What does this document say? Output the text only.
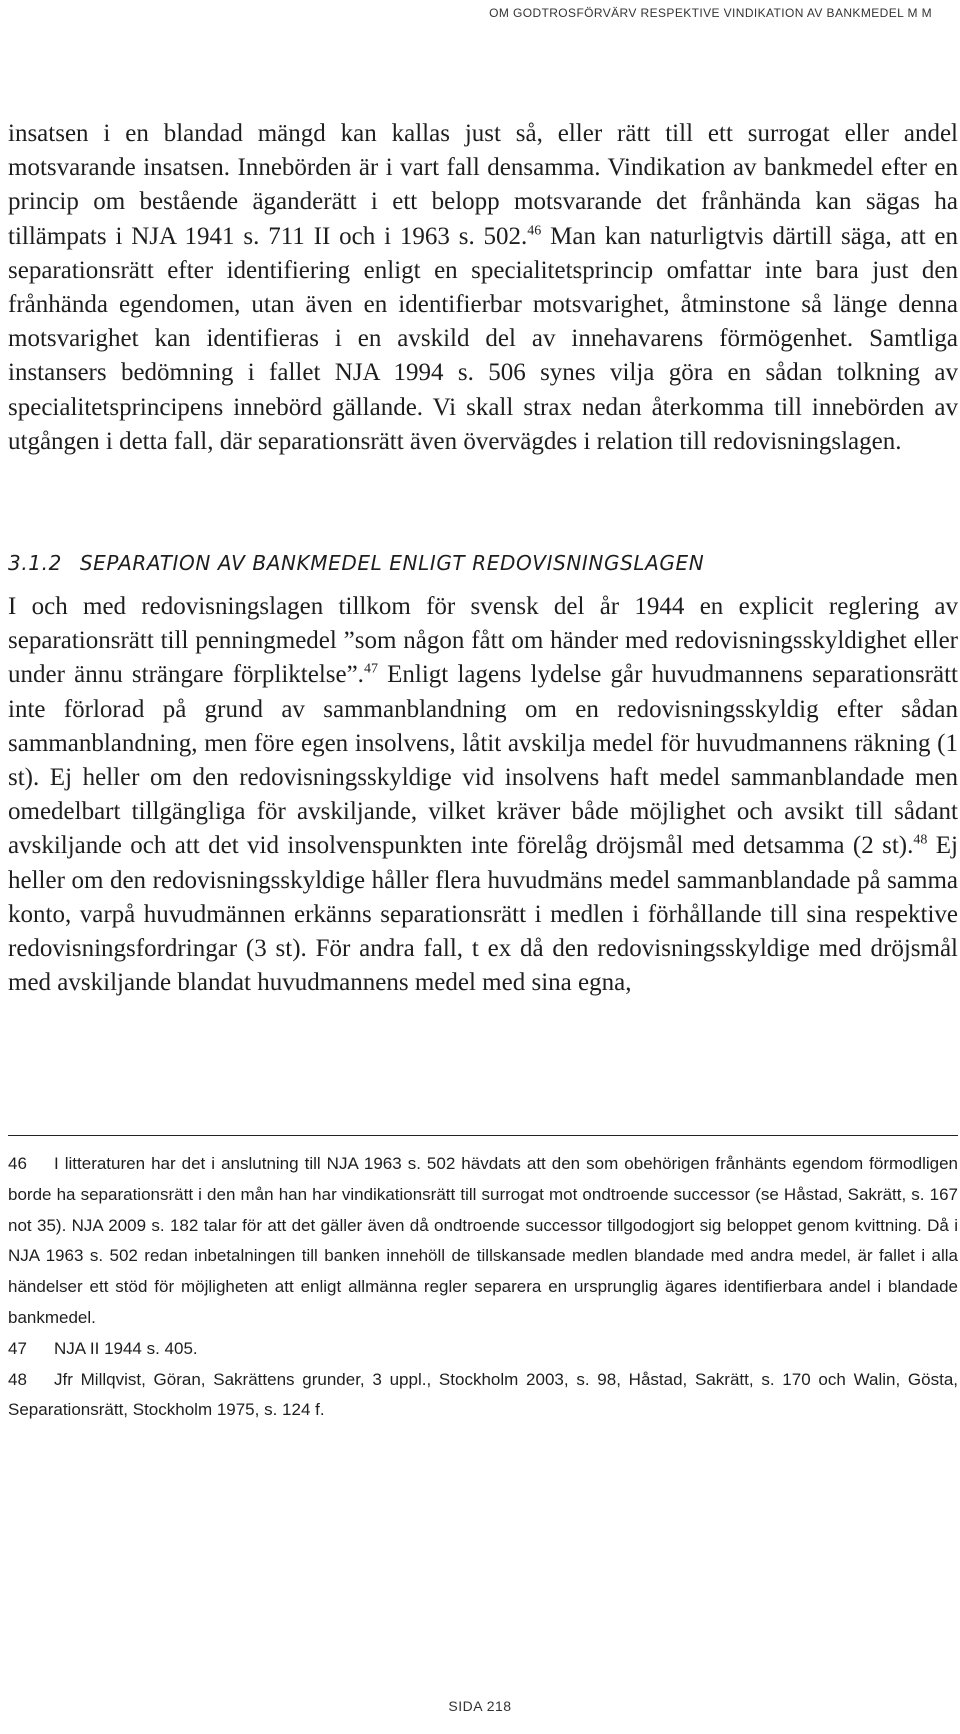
OM GODTROSFÖRVÄRV RESPEKTIVE VINDIKATION AV BANKMEDEL M M
insatsen i en blandad mängd kan kallas just så, eller rätt till ett surrogat eller andel motsvarande insatsen. Innebörden är i vart fall densamma. Vindikation av bankmedel efter en princip om bestående äganderätt i ett belopp motsvarande det frånhända kan sägas ha tillämpats i NJA 1941 s. 711 II och i 1963 s. 502.46 Man kan naturligtvis därtill säga, att en separationsrätt efter identifiering enligt en specialitetsprincip omfattar inte bara just den frånhända egendomen, utan även en identifierbar motsvarighet, åtminstone så länge denna motsvarighet kan identifieras i en avskild del av innehavarens förmögenhet. Samtliga instansers bedömning i fallet NJA 1994 s. 506 synes vilja göra en sådan tolkning av specialitetsprincipens innebörd gällande. Vi skall strax nedan återkomma till innebörden av utgången i detta fall, där separationsrätt även övervägdes i relation till redovisningslagen.
3.1.2 SEPARATION AV BANKMEDEL ENLIGT REDOVISNINGSLAGEN
I och med redovisningslagen tillkom för svensk del år 1944 en explicit reglering av separationsrätt till penningmedel ”som någon fått om händer med redovisningsskyldighet eller under ännu strängare förpliktelse”.$^{47}$ Enligt lagens lydelse går huvudmannens separationsrätt inte förlorad på grund av sammanblandning om en redovisningsskyldig efter sådan sammanblandning, men före egen insolvens, låtit avskilja medel för huvudmannens räkning (1 st). Ej heller om den redovisningsskyldige vid insolvens haft medel sammanblandade men omedelbart tillgängliga för avskiljande, vilket kräver både möjlighet och avsikt till sådant avskiljande och att det vid insolvenspunkten inte förelåg dröjsmål med detsamma (2 st).$^{48}$ Ej heller om den redovisningsskyldige håller flera huvudmäns medel sammanblandade på samma konto, varpå huvudmännen erkänns separationsrätt i medlen i förhållande till sina respektive redovisningsfordringar (3 st). För andra fall, t ex då den redovisningsskyldige med dröjsmål med avskiljande blandat huvudmannens medel med sina egna,

46 I litteraturen har det i anslutning till NJA 1963 s. 502 hävdats att den som obehörigen frånhänts egendom förmodligen borde ha separationsrätt i den mån han har vindikationsrätt till surrogat mot ondtroende successor (se Håstad, Sakrätt, s. 167 not 35). NJA 2009 s. 182 talar för att det gäller även då ondtroende successor tillgodogjort sig beloppet genom kvittning. Då i NJA 1963 s. 502 redan inbetalningen till banken innehöll de tillskansade medlen blandade med andra medel, är fallet i alla händelser ett stöd för möjligheten att enligt allmänna regler separera en ursprunglig ägares identifierbara andel i blandade bankmedel.

47 NJA II 1944 s. 405.

48 Jfr Millqvist, Göran, Sakrättens grunder, 3 uppl., Stockholm 2003, s. 98, Håstad, Sakrätt, s. 170 och Walin, Gösta, Separationsrätt, Stockholm 1975, s. 124 f.

SIDA 218
